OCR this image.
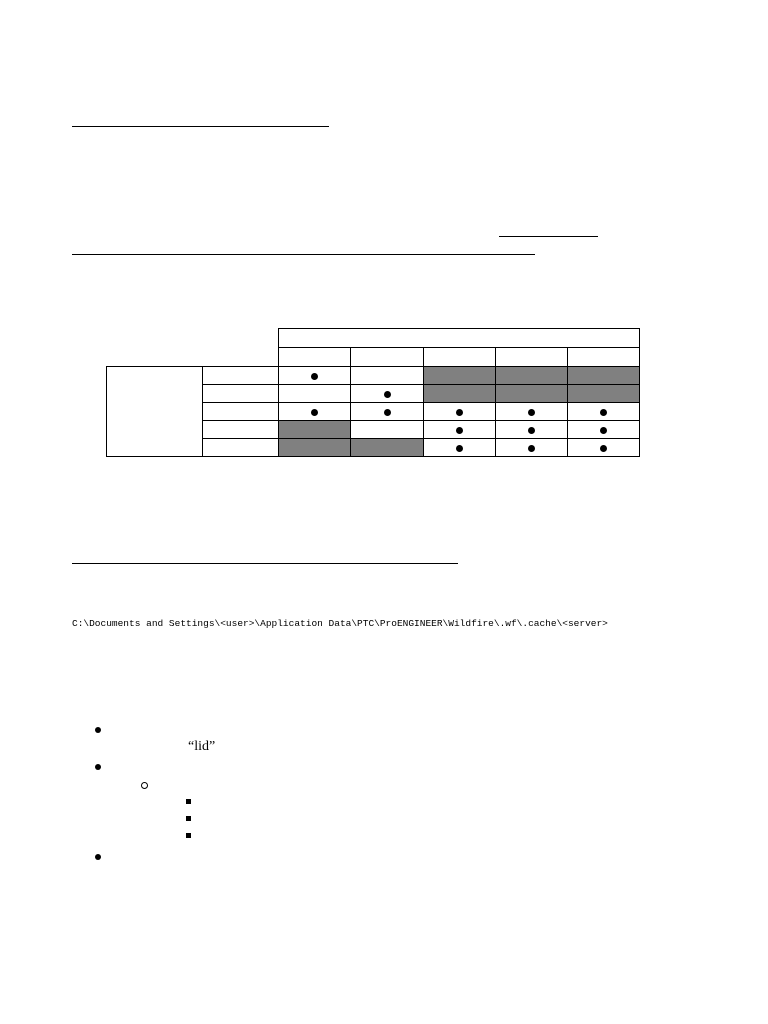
C:\Documents and Settings\<user>\Application Data\PTC\ProENGINEER\Wildfire\.wf\.cache\<server>
“lid”
